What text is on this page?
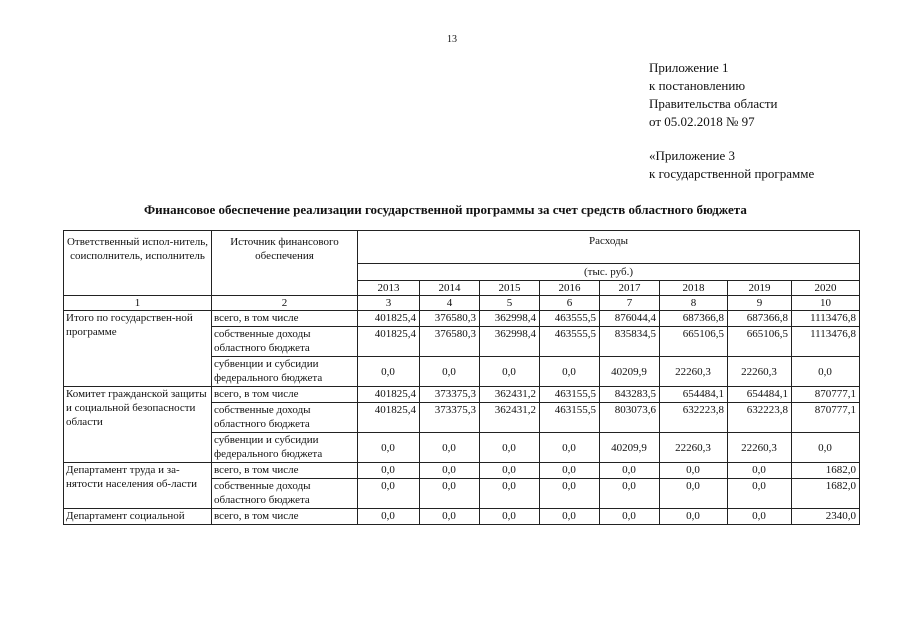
13
Приложение 1
к постановлению
Правительства области
от 05.02.2018 № 97
«Приложение 3
к государственной программе
Финансовое обеспечение реализации государственной программы за счет средств областного бюджета
Ответственный испол-нитель, соисполнитель, исполнитель	Источник финансового обеспечения	Расходы							
		(тыс. руб.)							
		2013	2014	2015	2016	2017	2018	2019	2020
1	2	3	4	5	6	7	8	9	10
Итого по государствен-ной программе	всего, в том числе	401825,4	376580,3	362998,4	463555,5	876044,4	687366,8	687366,8	1113476,8
	собственные доходы областного бюджета	401825,4	376580,3	362998,4	463555,5	835834,5	665106,5	665106,5	1113476,8
	субвенции и субсидии федерального бюджета	0,0	0,0	0,0	0,0	40209,9	22260,3	22260,3	0,0
Комитет гражданской защиты и социальной безопасности области	всего, в том числе	401825,4	373375,3	362431,2	463155,5	843283,5	654484,1	654484,1	870777,1
	собственные доходы областного бюджета	401825,4	373375,3	362431,2	463155,5	803073,6	632223,8	632223,8	870777,1
	субвенции и субсидии федерального бюджета	0,0	0,0	0,0	0,0	40209,9	22260,3	22260,3	0,0
Департамент труда и за-нятости населения об-ласти	всего, в том числе	0,0	0,0	0,0	0,0	0,0	0,0	0,0	1682,0
	собственные доходы областного бюджета	0,0	0,0	0,0	0,0	0,0	0,0	0,0	1682,0
Департамент социальной	всего, в том числе	0,0	0,0	0,0	0,0	0,0	0,0	0,0	2340,0
